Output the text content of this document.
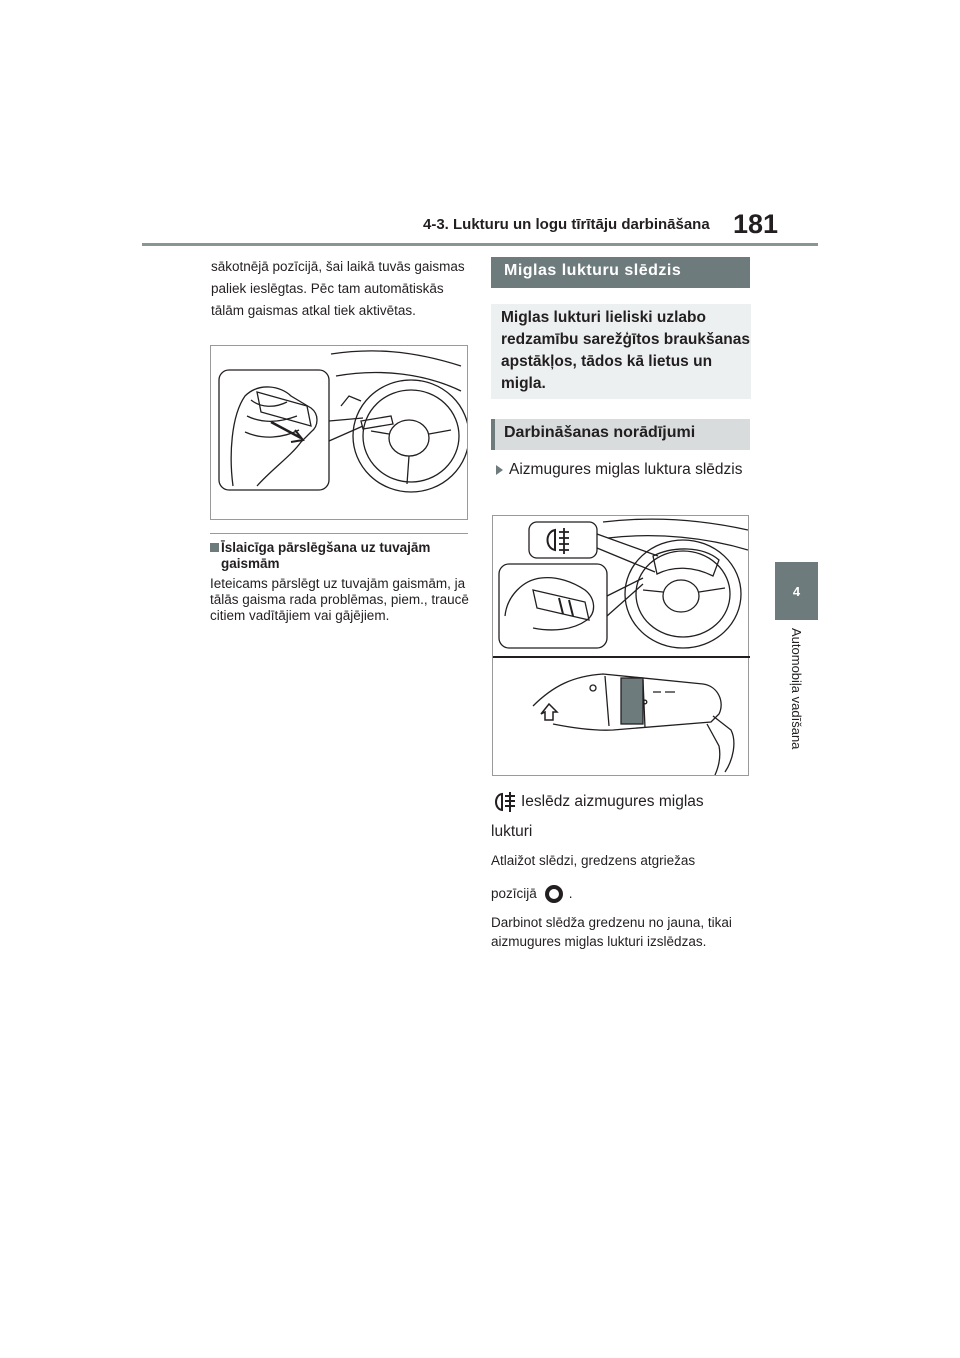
4-3. Lukturu un logu tīrītāju darbināšana 181
4
Automobiļa vadīšana
sākotnējā pozīcijā, šai laikā tuvās gaismas paliek ieslēgtas. Pēc tam automātiskās tālām gaismas atkal tiek aktivētas.
Īslaicīga pārslēgšana uz tuvajām gaismām
Ieteicams pārslēgt uz tuvajām gaismām, ja tālās gaisma rada problēmas, piem., traucē citiem vadītājiem vai gājējiem.
Miglas lukturu slēdzis
Miglas lukturi lieliski uzlabo redzamību sarežģītos braukšanas apstākļos, tādos kā lietus un migla.
Darbināšanas norādījumi
Aizmugures miglas luktura slēdzis
Ieslēdz aizmugures miglas
lukturi
Atlaižot slēdzi, gredzens atgriežas
pozīcijā .
Darbinot slēdža gredzenu no jauna, tikai aizmugures miglas lukturi izslēdzas.
